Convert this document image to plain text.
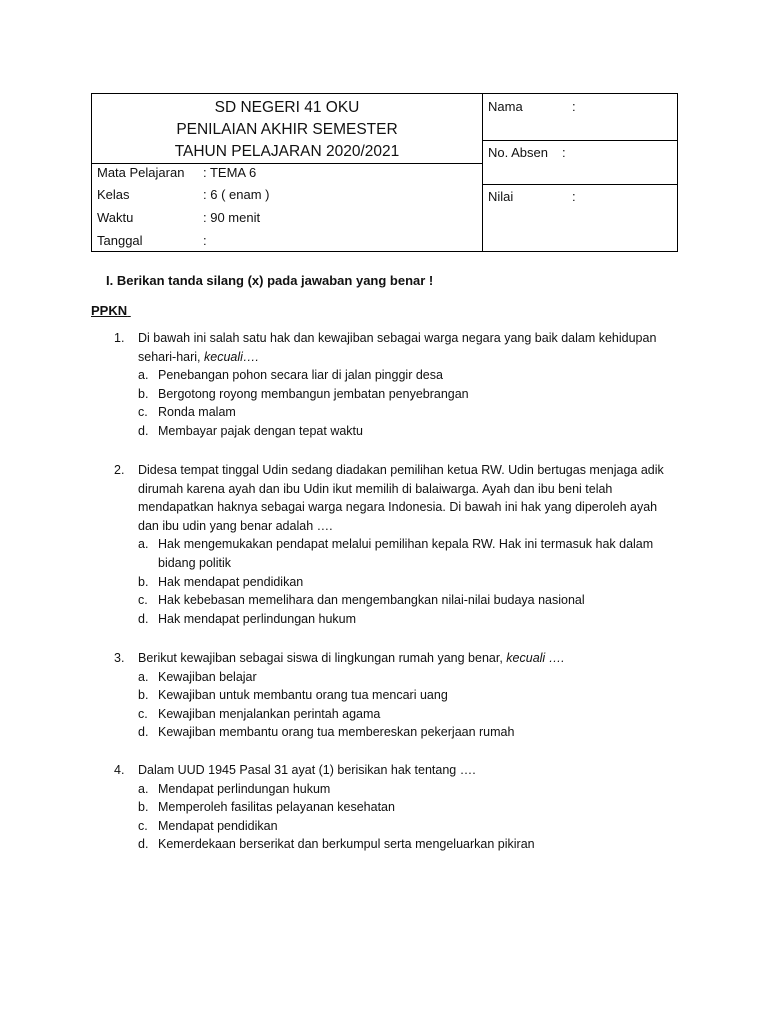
SD NEGERI 41 OKU
PENILAIAN AKHIR SEMESTER
TAHUN PELAJARAN 2020/2021
Mata Pelajaran : TEMA 6
Kelas	: 6 ( enam )
Waktu	: 90 menit
Tanggal	:
Nama	:
No. Absen :
Nilai	:
I. Berikan tanda silang (x) pada jawaban yang benar !
PPKN
1. Di bawah ini salah satu hak dan kewajiban sebagai warga negara yang baik dalam kehidupan sehari-hari, kecuali….
a. Penebangan pohon secara liar di jalan pinggir desa
b. Bergotong royong membangun jembatan penyebrangan
c. Ronda malam
d. Membayar pajak dengan tepat waktu
2. Didesa tempat tinggal Udin sedang diadakan pemilihan ketua RW. Udin bertugas menjaga adik dirumah karena ayah dan ibu Udin ikut memilih di balaiwarga. Ayah dan ibu beni telah mendapatkan haknya sebagai warga negara Indonesia. Di bawah ini hak yang diperoleh ayah dan ibu udin yang benar adalah ….
a. Hak mengemukakan pendapat melalui pemilihan kepala RW. Hak ini termasuk hak dalam bidang politik
b. Hak mendapat pendidikan
c. Hak kebebasan memelihara dan mengembangkan nilai-nilai budaya nasional
d. Hak mendapat perlindungan hukum
3. Berikut kewajiban sebagai siswa di lingkungan rumah yang benar, kecuali ….
a. Kewajiban belajar
b. Kewajiban untuk membantu orang tua mencari uang
c. Kewajiban menjalankan perintah agama
d. Kewajiban membantu orang tua membereskan pekerjaan rumah
4. Dalam UUD 1945 Pasal 31 ayat (1) berisikan hak tentang ….
a. Mendapat perlindungan hukum
b. Memperoleh fasilitas pelayanan kesehatan
c. Mendapat pendidikan
d. Kemerdekaan berserikat dan berkumpul serta mengeluarkan pikiran
